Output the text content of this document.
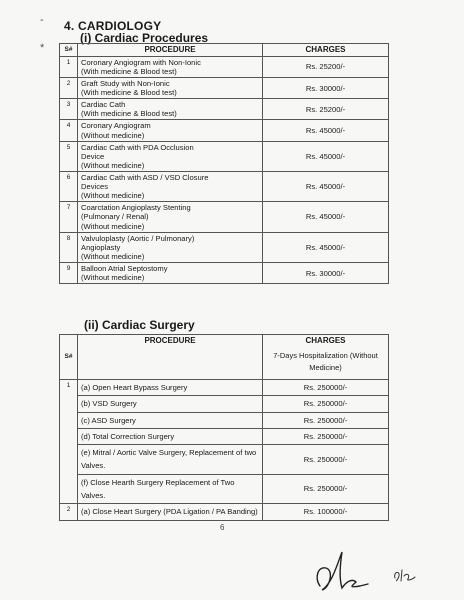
-
*
4. CARDIOLOGY
(i) Cardiac Procedures
S#	PROCEDURE	CHARGES
1	Coronary Angiogram with Non-Ionic
(With medicine & Blood test)	Rs. 25200/-
2	Graft Study with Non-Ionic
(With medicine & Blood test)	Rs. 30000/-
3	Cardiac Cath
(With medicine & Blood test)	Rs. 25200/-
4	Coronary Angiogram
(Without medicine)	Rs. 45000/-
5	Cardiac Cath with PDA Occlusion
Device
(Without medicine)	Rs. 45000/-
6	Cardiac Cath with ASD / VSD Closure
Devices
(Without medicine)	Rs. 45000/-
7	Coarctation Angioplasty Stenting
(Pulmonary / Renal)
(Without medicine)	Rs. 45000/-
8	Valvuloplasty (Aortic / Pulmonary)
Angioplasty
(Without medicine)	Rs. 45000/-
9	Balloon Atrial Septostomy
(Without medicine)	Rs. 30000/-
(ii) Cardiac Surgery
S#	PROCEDURE	CHARGES
7-Days Hospitalization (Without Medicine)

1	(a) Open Heart Bypass Surgery	Rs. 250000/-
	(b) VSD Surgery	Rs. 250000/-
	(c) ASD Surgery	Rs. 250000/-
	(d) Total Correction Surgery	Rs. 250000/-
	(e) Mitral / Aortic Valve Surgery, Replacement of two Valves.	Rs. 250000/-
	(f) Close Hearth Surgery Replacement of Two Valves.	Rs. 250000/-
2	(a) Close Heart Surgery (PDA Ligation / PA Banding)	Rs. 100000/-
6
